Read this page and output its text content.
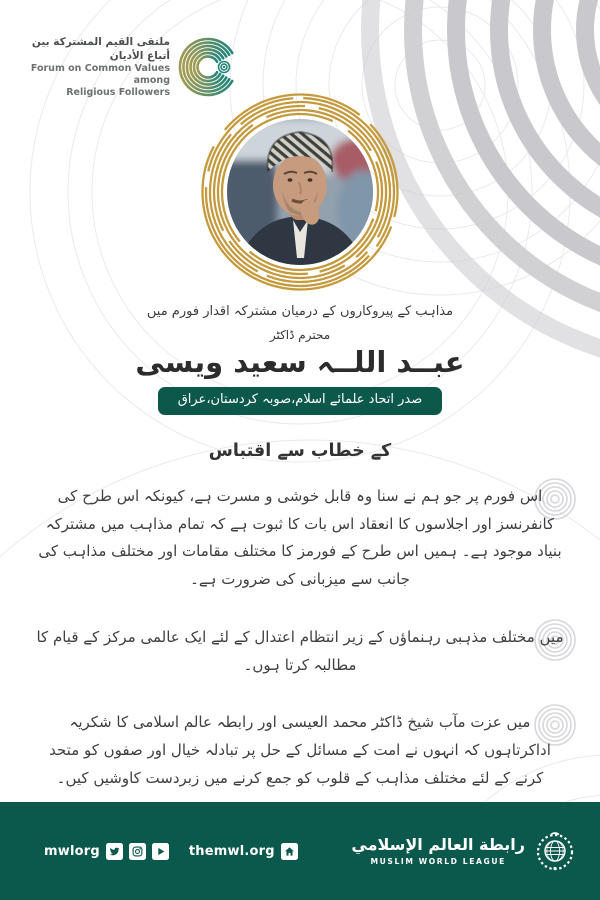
ملتقى القيم المشتركة بين أتباع الأديان
Forum on Common Values among
Religious Followers
مذاہب کے پیروکاروں کے درمیان مشترکہ اقدار فورم میں
محترم ڈاکٹر
عبــد اللــہ سعید ویسی
صدر اتحاد علمائے اسلام،صوبہ کردستان،عراق
کے خطاب سے اقتباس

اس فورم پر جو ہم نے سنا وہ قابل خوشی و مسرت ہے، کیونکہ اس طرح کی کانفرنسز اور اجلاسوں کا انعقاد اس بات کا ثبوت ہے کہ تمام مذاہب میں مشترکہ بنیاد موجود ہے۔ ہمیں اس طرح کے فورمز کا مختلف مقامات اور مختلف مذاہب کی جانب سے میزبانی کی ضرورت ہے۔

میں مختلف مذہبی رہنماؤں کے زیر انتظام اعتدال کے لئے ایک عالمی مرکز کے قیام کا مطالبہ کرتا ہوں۔

میں عزت مآب شیخ ڈاکٹر محمد العیسی اور رابطہ عالم اسلامی کا شکریہ اداکرتاہوں کہ انہوں نے امت کے مسائل کے حل پر تبادلہ خیال اور صفوں کو متحد کرنے کے لئے مختلف مذاہب کے قلوب کو جمع کرنے میں زبردست کاوشیں کیں۔

mwlorg	themwl.org	رابطة العالم الإسلامي
MUSLIM WORLD LEAGUE
